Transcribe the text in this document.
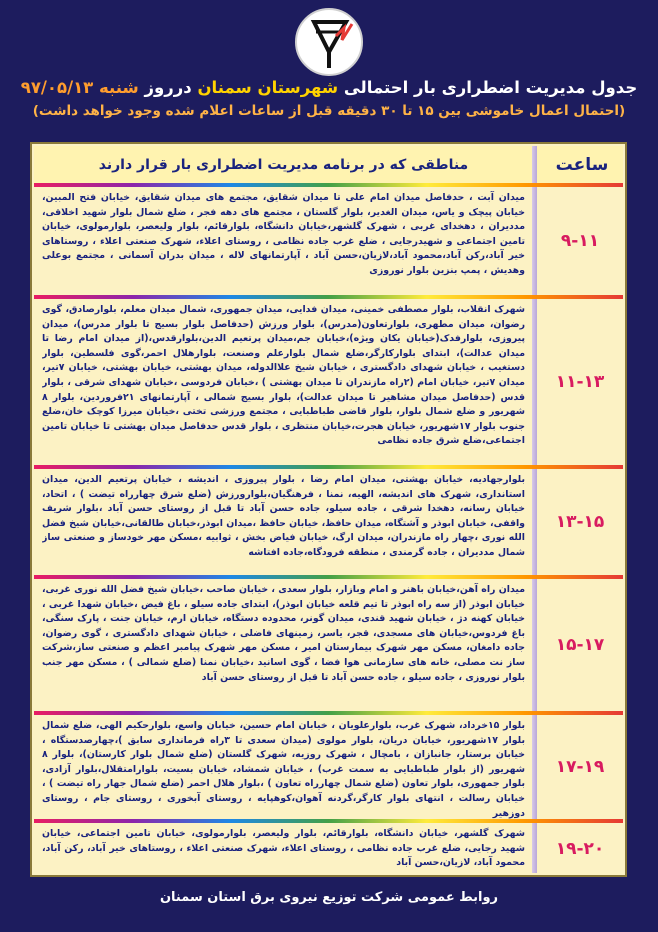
جدول مدیریت اضطراری بار احتمالی شهرستان سمنان درروز شنبه ۹۷/۰۵/۱۳
(احتمال اعمال خاموشی بین ۱۵ تا ۳۰ دقیقه قبل از ساعات اعلام شده وجود خواهد داشت)
ساعت
مناطقی که در برنامه مدیریت اضطراری بار قرار دارند
۹-۱۱
میدان آبت ، حدفاصل میدان امام علی تا میدان شقایق، مجتمع های میدان شقایق، خیابان فتح المبین، خیابان پیچک و یاس، میدان الغدیر، بلوار گلستان ، مجتمع های دهه فجر ، ضلع شمال بلوار شهید اخلاقی، مددیران ، دهخدای غربی ، شهرک گلشهر،خیابان دانشگاه، بلوارقائم، بلوار ولیعصر، بلوارمولوی، خیابان تامین اجتماعی و شهیدرجایی ، ضلع غرب جاده نظامی ، روستای اعلاء، شهرک صنعتی اعلاء ، روستاهای خیر آباد،رکن آباد،محمود آباد،لازیان،حسن آباد ، آپارتمانهای لاله ، میدان بدران آسمانی ، مجتمع بوعلی وهدیش ، پمپ بنزین بلوار نوروزی
۱۱-۱۳
شهرک انقلاب، بلوار مصطفی خمینی، میدان فدایی، میدان جمهوری، شمال میدان معلم، بلوارصادق، گوی رضوان، میدان مطهری، بلوارتعاون(مدرس)، بلوار ورزش (حدفاصل بلوار بسیج تا بلوار مدرس)، میدان پیروزی، بلوارفدک(خیابان یکان ویژه)،خیابان جم،میدان پرتعیم الدین،بلوارقدس،(از میدان امام رضا تا میدان عدالت)، ابتدای بلوارکارگر،ضلع شمال بلوارعلم وصنعت، بلوارهلال احمر،گوی فلسطین، بلوار دستغیب ، خیابان شهدای دادگستری ، خیابان شیخ علاالدوله، میدان بهشتی، خیابان بهشتی، خیابان ۷تیر، میدان ۷تیر، خیابان امام (۲راه مازندران تا میدان بهشتی ) ،خیابان فردوسی ،خیابان شهدای شرقی ، بلوار قدس (حدفاصل میدان مشاهیر تا میدان عدالت)، بلوار بسیج شمالی ، آپارتمانهای ۲۱فروردین، بلوار ۸ شهریور و ضلع شمال بلوار، بلوار قاضی طباطبایی ، مجتمع ورزشی تختی ،خیابان میرزا کوچک خان،ضلع جنوب بلوار ۱۷شهریور، خیابان هجرت،خیابان منتظری ، بلوار قدس حدفاصل میدان بهشتی تا خیابان تامین اجتماعی،ضلع شرق جاده نظامی
۱۳-۱۵
بلوارجهادیه، خیابان بهشتی، میدان امام رضا ، بلوار پیروزی ، اندیشه ، خیابان پرتعیم الدین، میدان استانداری، شهرک های اندیشه، الهیه، نمنا ، فرهنگیان،بلوارورزش (ضلع شرق چهارراه تیضت ) ، اتحاد، خیابان رسانه، دهخدا شرقی ، جاده سیلو، جاده حسن آباد تا قبل از روستای حسن آباد ،بلوار شریف واقفی، خیابان ابوذر و آشتگاه، میدان حافظ، خیابان حافظ ،میدان ابوذر،خیابان طالقانی،خیابان شیخ فضل الله نوری ،چهار راه مازندران، میدان ارگ، خیابان فیاض بخش ، ثوابیه ،مسکن مهر خودساز و صنعتی ساز شمال مددیران ، جاده گرمندی ، منطقه فرودگاه،جاده افتاشه
۱۵-۱۷
میدان راه آهن،خیابان باهنر و امام وبازار، بلوار سعدی ، خیابان صاحب ،خیابان شیخ فضل الله نوری غربی، خیابان ابوذر (از سه راه ابوذر تا تیم قلعه خیابان ابوذر)، ابتدای جاده سیلو ، باغ فیض ،خیابان شهدا غربی ، خیابان کهنه دژ ، خیابان شهید قندی، میدان گونر، محدوده دستگاه، خیابان ارم، خیابان جنت ، پارک سنگی، باغ فردوس،خیابان های مسجدی، قجر، یاسر، زمینهای فاضلی ، خیابان شهدای دادگستری ، گوی رضوان، جاده دامغان، مسکن مهر شهرک بیمارستان امیر ، مسکن مهر شهرک پیامبر اعظم و صنعتی ساز،شرکت ساز نت مصلی، خانه های سازمانی هوا فضا ، گوی اسانید ،خیابان نمنا (ضلع شمالی ) ، مسکن مهر جنب بلوار نوروزی ، جاده سیلو ، جاده حسن آباد تا قبل از روستای حسن آباد
۱۷-۱۹
بلوار ۱۵خرداد، شهرک غرب، بلوارعلویان ، خیابان امام حسین، خیابان واسع، بلوارحکیم الهی، ضلع شمال بلوار ۱۷شهریور، خیابان دریان، بلوار مولوی (میدان سعدی تا ۳راه فرمانداری سابق )،چهارصدستگاه ، خیابان برستار، جانبازان ، بامچال ، شهرک روزیه، شهرک گلستان (ضلع شمال بلوار کارستان)، بلوار ۸ شهریور (از بلوار طباطبایی به سمت غرب) ، خیابان شمشاد، خیابان بسیت، بلوارامتقلال،بلوار آزادی، بلوار جمهوری، بلوار تعاون (ضلع شمال چهارراه تعاون ) ،بلوار هلال احمر (ضلع شمال جهار راه تیضت ) ، خیابان رسالت ، انتهای بلوار کارگر،گردنه آهوان،کوهپایه ، روستای آبخوری ، روستای جام ، روستای دوزهیر
۱۹-۲۰
شهرک گلشهر، خیابان دانشگاه، بلوارقائم، بلوار ولیعصر، بلوارمولوی، خیابان تامین اجتماعی، خیابان شهید رجایی، ضلع غرب جاده نظامی ، روستای اعلاء، شهرک صنعتی اعلاء ، روستاهای خیر آباد، رکن آباد، محمود آباد، لازیان،حسن آباد
روابط عمومی شرکت توزیع نیروی برق استان سمنان
